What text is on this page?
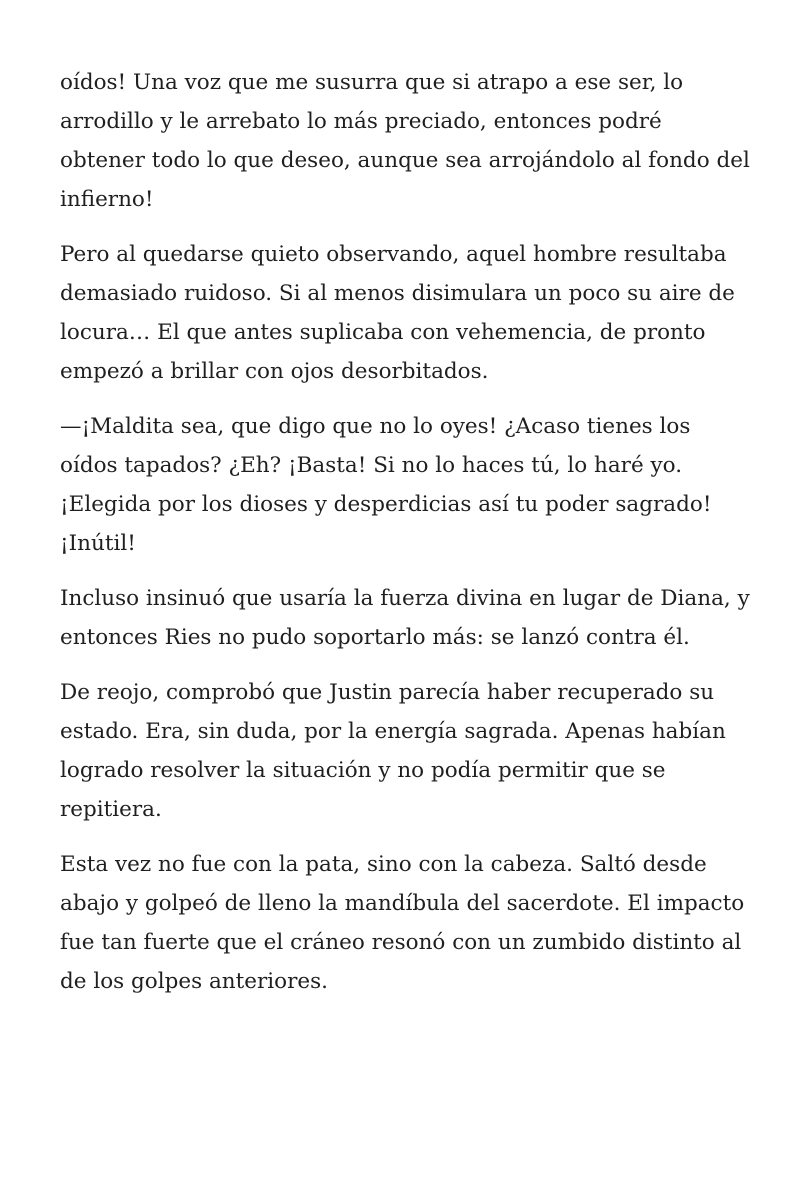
oídos! Una voz que me susurra que si atrapo a ese ser, lo arrodillo y le arrebato lo más preciado, entonces podré obtener todo lo que deseo, aunque sea arrojándolo al fondo del infierno!

Pero al quedarse quieto observando, aquel hombre resultaba demasiado ruidoso. Si al menos disimulara un poco su aire de locura… El que antes suplicaba con vehemencia, de pronto empezó a brillar con ojos desorbitados.

—¡Maldita sea, que digo que no lo oyes! ¿Acaso tienes los oídos tapados? ¿Eh? ¡Basta! Si no lo haces tú, lo haré yo. ¡Elegida por los dioses y desperdicias así tu poder sagrado! ¡Inútil!

Incluso insinuó que usaría la fuerza divina en lugar de Diana, y entonces Ries no pudo soportarlo más: se lanzó contra él.

De reojo, comprobó que Justin parecía haber recuperado su estado. Era, sin duda, por la energía sagrada. Apenas habían logrado resolver la situación y no podía permitir que se repitiera.

Esta vez no fue con la pata, sino con la cabeza. Saltó desde abajo y golpeó de lleno la mandíbula del sacerdote. El impacto fue tan fuerte que el cráneo resonó con un zumbido distinto al de los golpes anteriores.
